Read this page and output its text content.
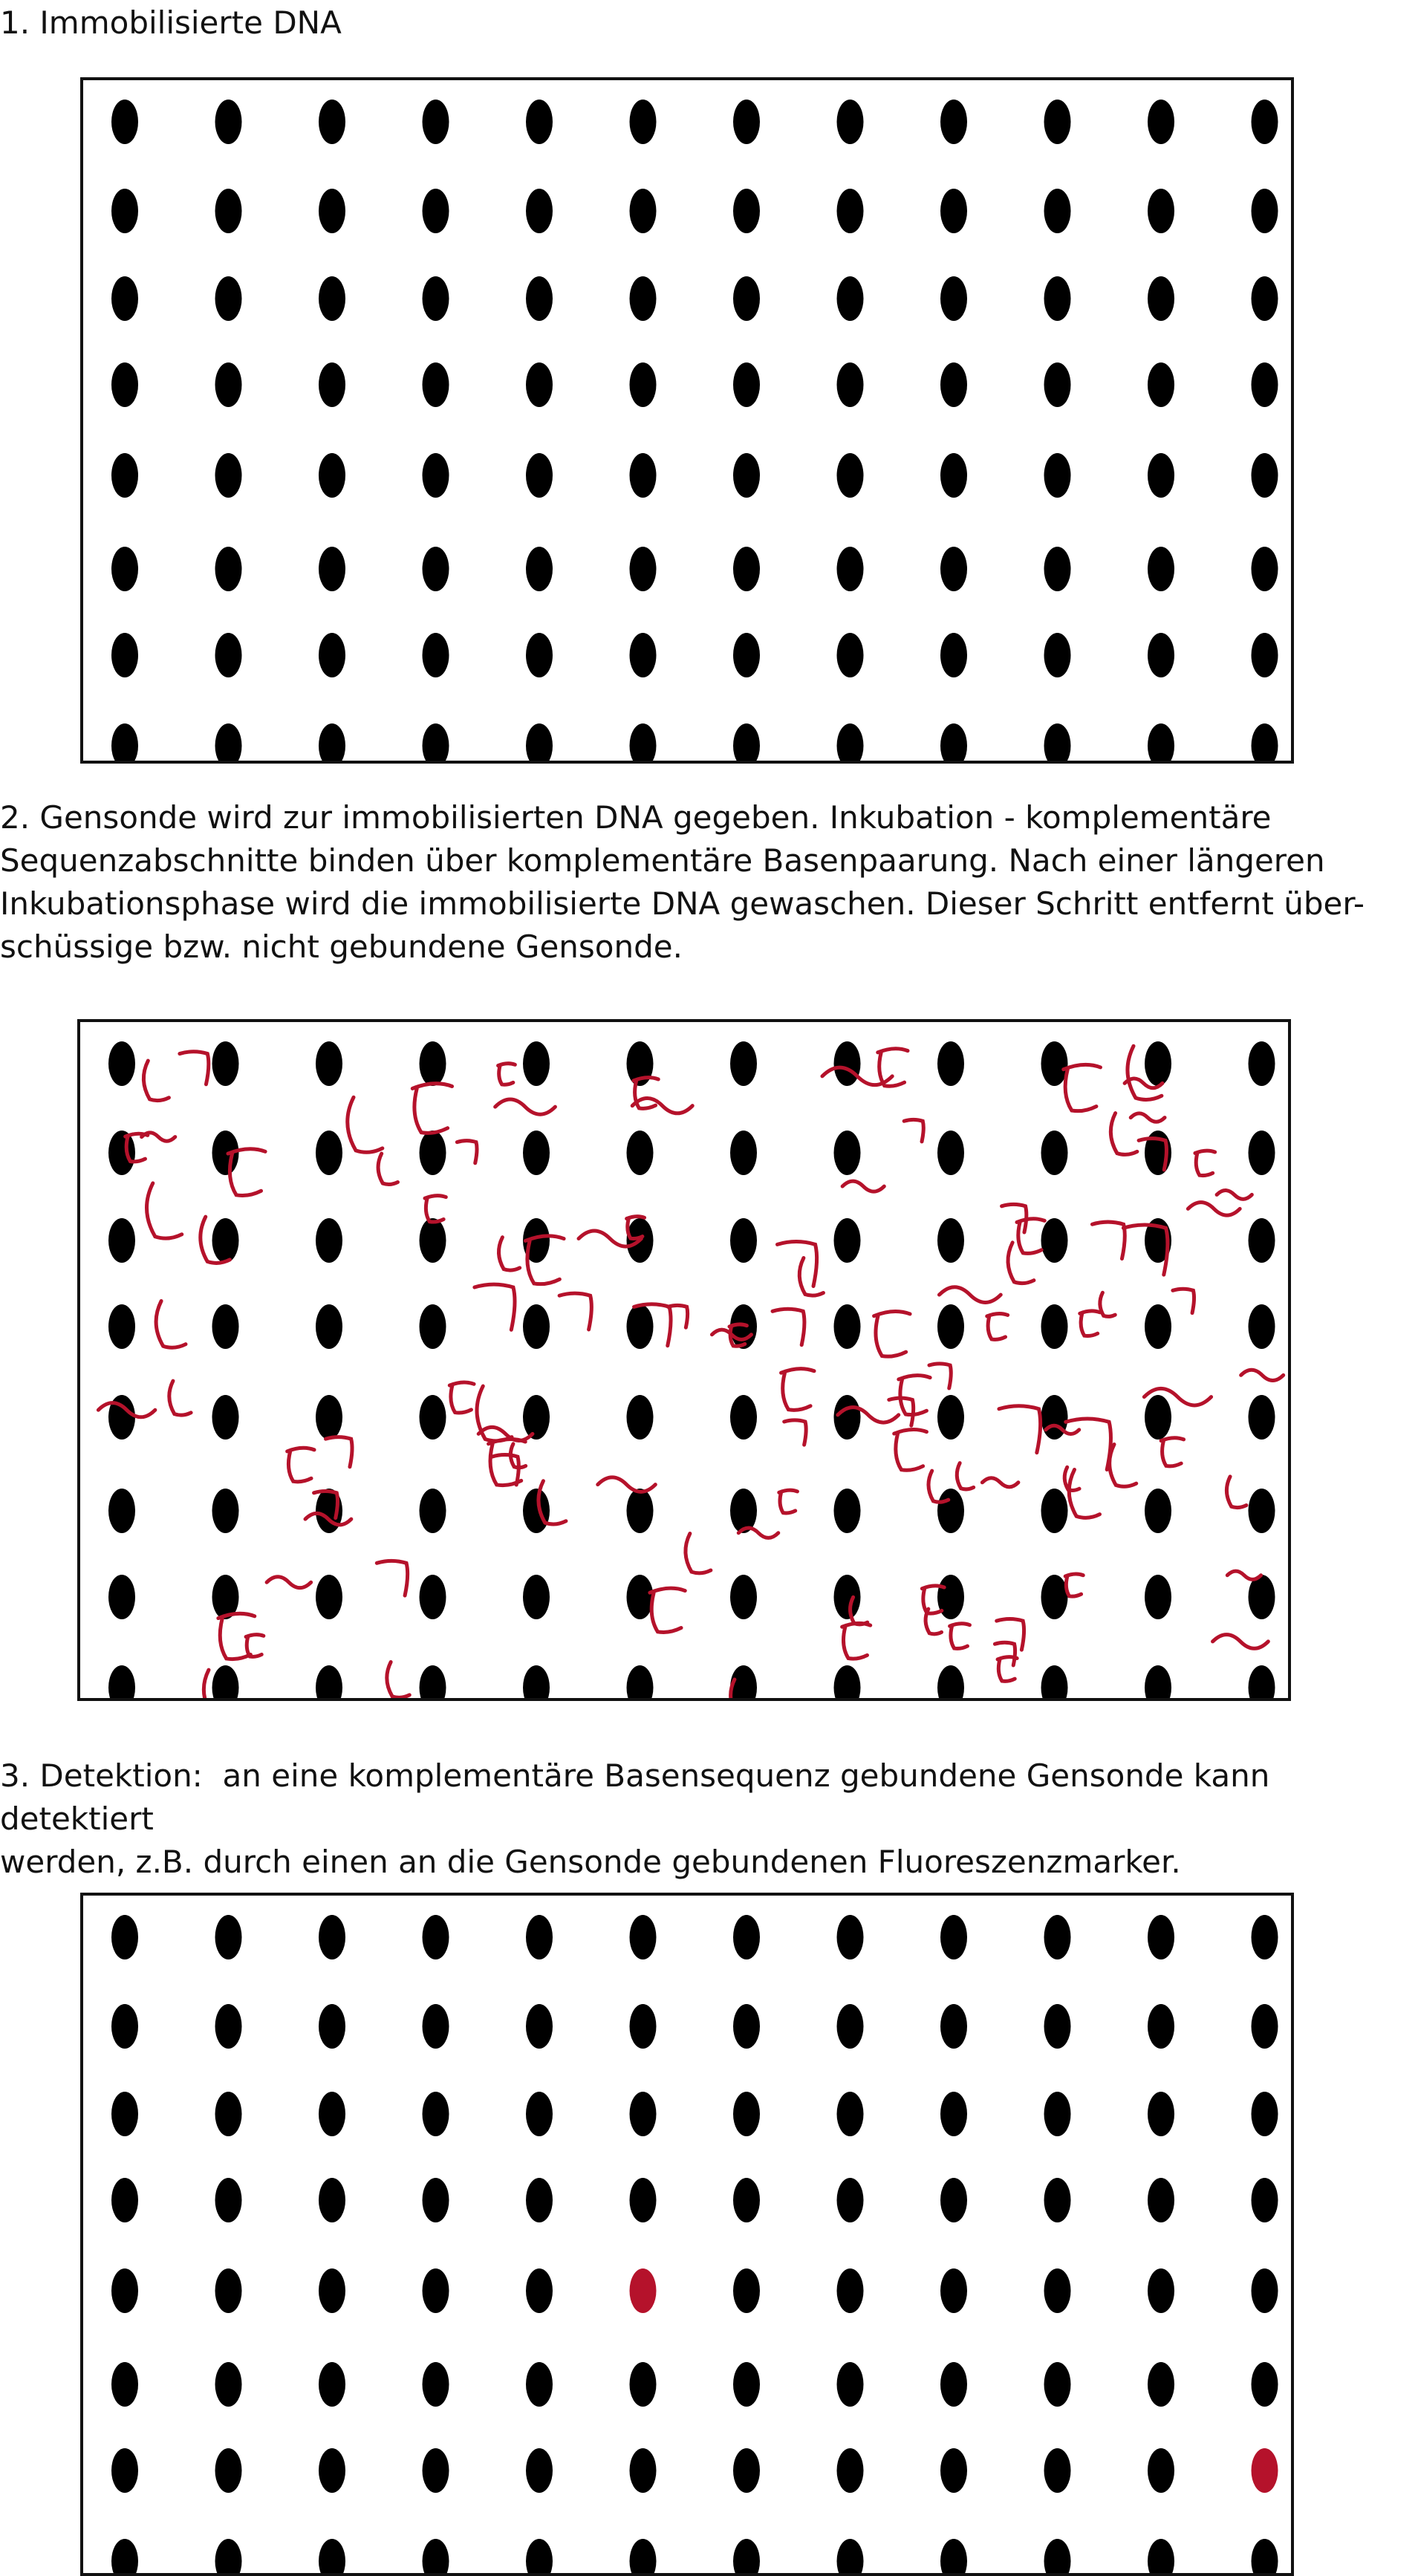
1. Immobilisierte DNA

2. Gensonde wird zur immobilisierten DNA gegeben. Inkubation - komplementäre
Sequenzabschnitte binden über komplementäre Basenpaarung. Nach einer längeren
Inkubationsphase wird die immobilisierte DNA gewaschen. Dieser Schritt entfernt über-
schüssige bzw. nicht gebundene Gensonde.

3. Detektion:  an eine komplementäre Basensequenz gebundene Gensonde kann detektiert
werden, z.B. durch einen an die Gensonde gebundenen Fluoreszenzmarker.
